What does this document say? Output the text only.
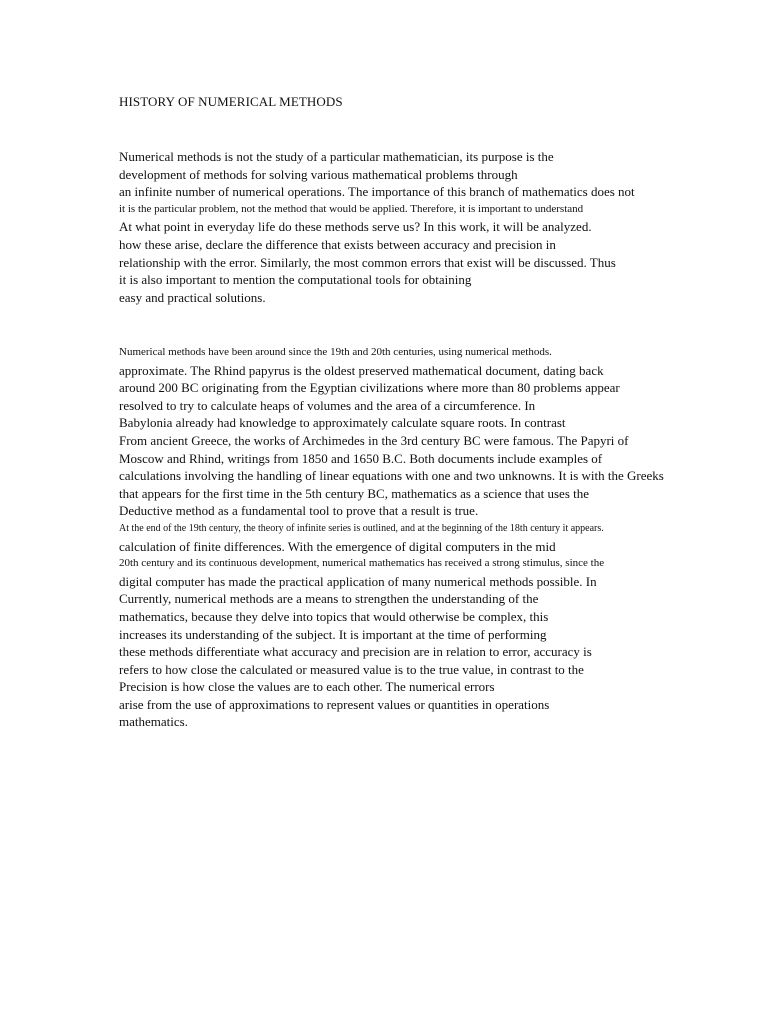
HISTORY OF NUMERICAL METHODS
Numerical methods is not the study of a particular mathematician, its purpose is the
development of methods for solving various mathematical problems through
an infinite number of numerical operations. The importance of this branch of mathematics does not
it is the particular problem, not the method that would be applied. Therefore, it is important to understand
At what point in everyday life do these methods serve us? In this work, it will be analyzed.
how these arise, declare the difference that exists between accuracy and precision in
relationship with the error. Similarly, the most common errors that exist will be discussed. Thus
it is also important to mention the computational tools for obtaining
easy and practical solutions.
Numerical methods have been around since the 19th and 20th centuries, using numerical methods.
approximate. The Rhind papyrus is the oldest preserved mathematical document, dating back
around 200 BC originating from the Egyptian civilizations where more than 80 problems appear
resolved to try to calculate heaps of volumes and the area of a circumference. In
Babylonia already had knowledge to approximately calculate square roots. In contrast
From ancient Greece, the works of Archimedes in the 3rd century BC were famous. The Papyri of
Moscow and Rhind, writings from 1850 and 1650 B.C. Both documents include examples of
calculations involving the handling of linear equations with one and two unknowns. It is with the Greeks
that appears for the first time in the 5th century BC, mathematics as a science that uses the
Deductive method as a fundamental tool to prove that a result is true.
At the end of the 19th century, the theory of infinite series is outlined, and at the beginning of the 18th century it appears.
calculation of finite differences. With the emergence of digital computers in the mid
20th century and its continuous development, numerical mathematics has received a strong stimulus, since the
digital computer has made the practical application of many numerical methods possible. In
Currently, numerical methods are a means to strengthen the understanding of the
mathematics, because they delve into topics that would otherwise be complex, this
increases its understanding of the subject. It is important at the time of performing
these methods differentiate what accuracy and precision are in relation to error, accuracy is
refers to how close the calculated or measured value is to the true value, in contrast to the
Precision is how close the values are to each other. The numerical errors
arise from the use of approximations to represent values or quantities in operations
mathematics.
